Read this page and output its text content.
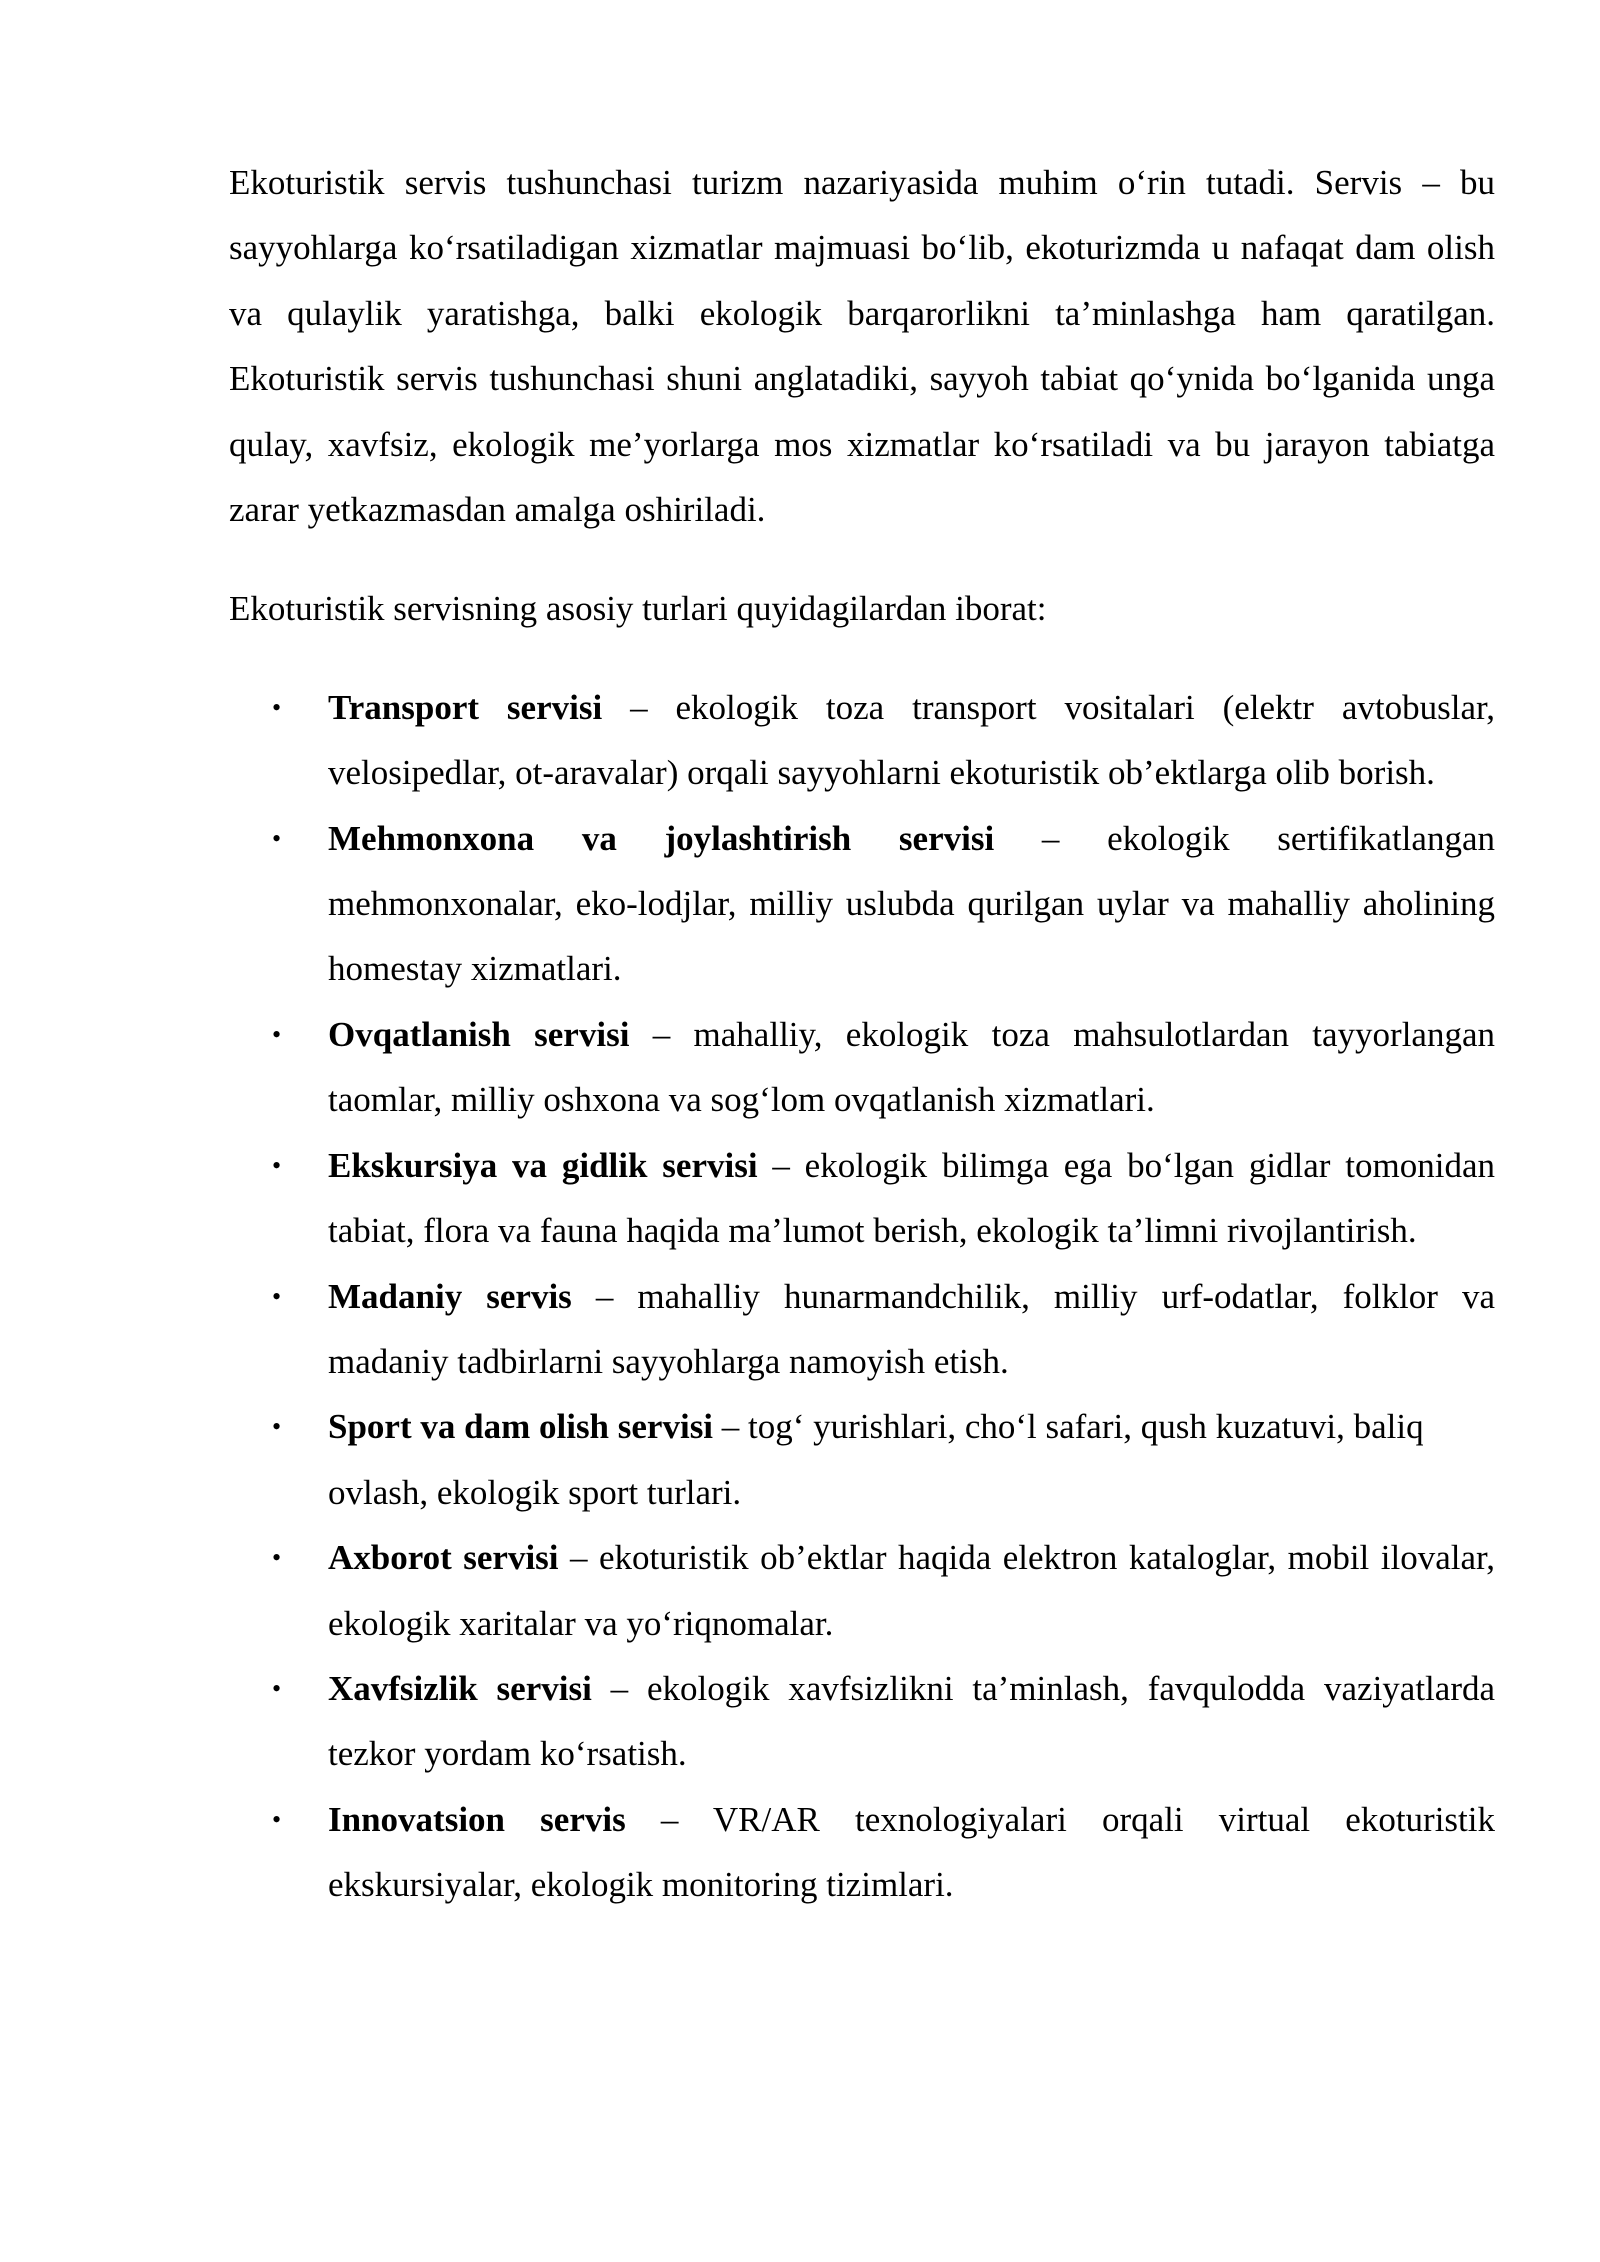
Ekoturistik servis tushunchasi turizm nazariyasida muhim o‘rin tutadi. Servis – bu sayyohlarga ko‘rsatiladigan xizmatlar majmuasi bo‘lib, ekoturizmda u nafaqat dam olish va qulaylik yaratishga, balki ekologik barqarorlikni ta’minlashga ham qaratilgan. Ekoturistik servis tushunchasi shuni anglatadiki, sayyoh tabiat qo‘ynida bo‘lganida unga qulay, xavfsiz, ekologik me’yorlarga mos xizmatlar ko‘rsatiladi va bu jarayon tabiatga zarar yetkazmasdan amalga oshiriladi.

Ekoturistik servisning asosiy turlari quyidagilardan iborat:

• Transport servisi – ekologik toza transport vositalari (elektr avtobuslar, velosipedlar, ot-aravalar) orqali sayyohlarni ekoturistik ob’ektlarga olib borish.
• Mehmonxona va joylashtirish servisi – ekologik sertifikatlangan mehmonxonalar, eko-lodjlar, milliy uslubda qurilgan uylar va mahalliy aholining homestay xizmatlari.
• Ovqatlanish servisi – mahalliy, ekologik toza mahsulotlardan tayyorlangan taomlar, milliy oshxona va sog‘lom ovqatlanish xizmatlari.
• Ekskursiya va gidlik servisi – ekologik bilimga ega bo‘lgan gidlar tomonidan tabiat, flora va fauna haqida ma’lumot berish, ekologik ta’limni rivojlantirish.
• Madaniy servis – mahalliy hunarmandchilik, milliy urf-odatlar, folklor va madaniy tadbirlarni sayyohlarga namoyish etish.
• Sport va dam olish servisi – tog‘ yurishlari, cho‘l safari, qush kuzatuvi, baliq ovlash, ekologik sport turlari.
• Axborot servisi – ekoturistik ob’ektlar haqida elektron kataloglar, mobil ilovalar, ekologik xaritalar va yo‘riqnomalar.
• Xavfsizlik servisi – ekologik xavfsizlikni ta’minlash, favqulodda vaziyatlarda tezkor yordam ko‘rsatish.
• Innovatsion servis – VR/AR texnologiyalari orqali virtual ekoturistik ekskursiyalar, ekologik monitoring tizimlari.
